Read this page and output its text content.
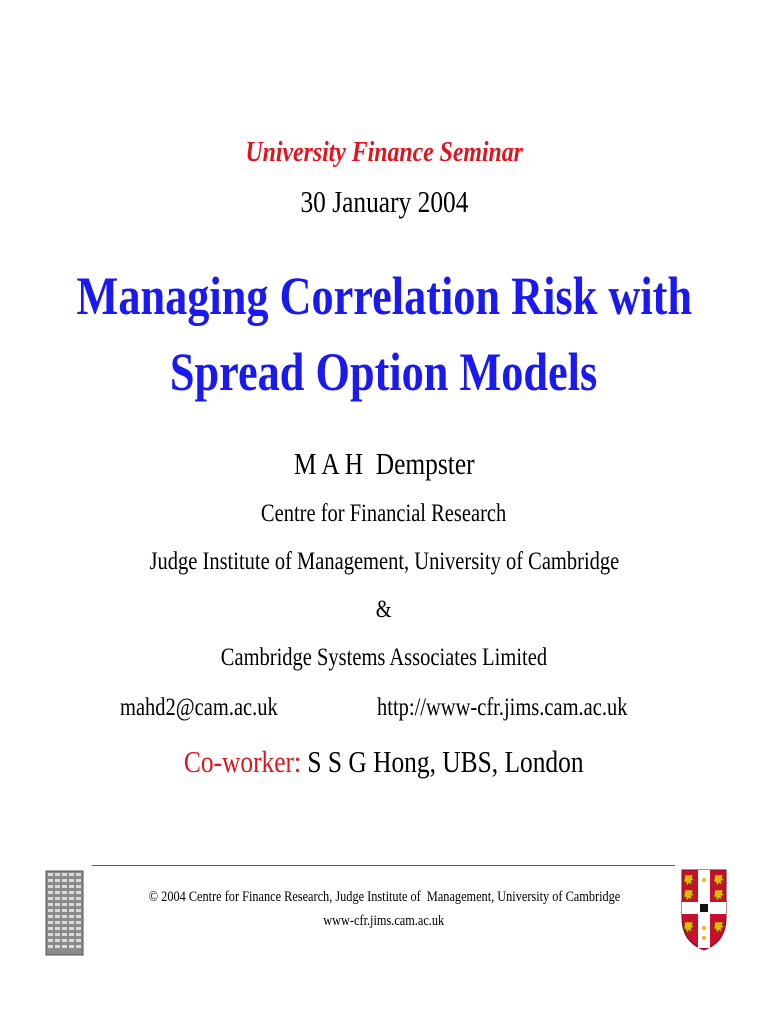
University Finance Seminar
30 January 2004
Managing Correlation Risk with
Spread Option Models
M A H  Dempster
Centre for Financial Research
Judge Institute of Management, University of Cambridge
&
Cambridge Systems Associates Limited
mahd2@cam.ac.uk	http://www-cfr.jims.cam.ac.uk
Co-worker: S S G Hong, UBS, London
© 2004 Centre for Finance Research, Judge Institute of  Management, University of Cambridge
www-cfr.jims.cam.ac.uk
